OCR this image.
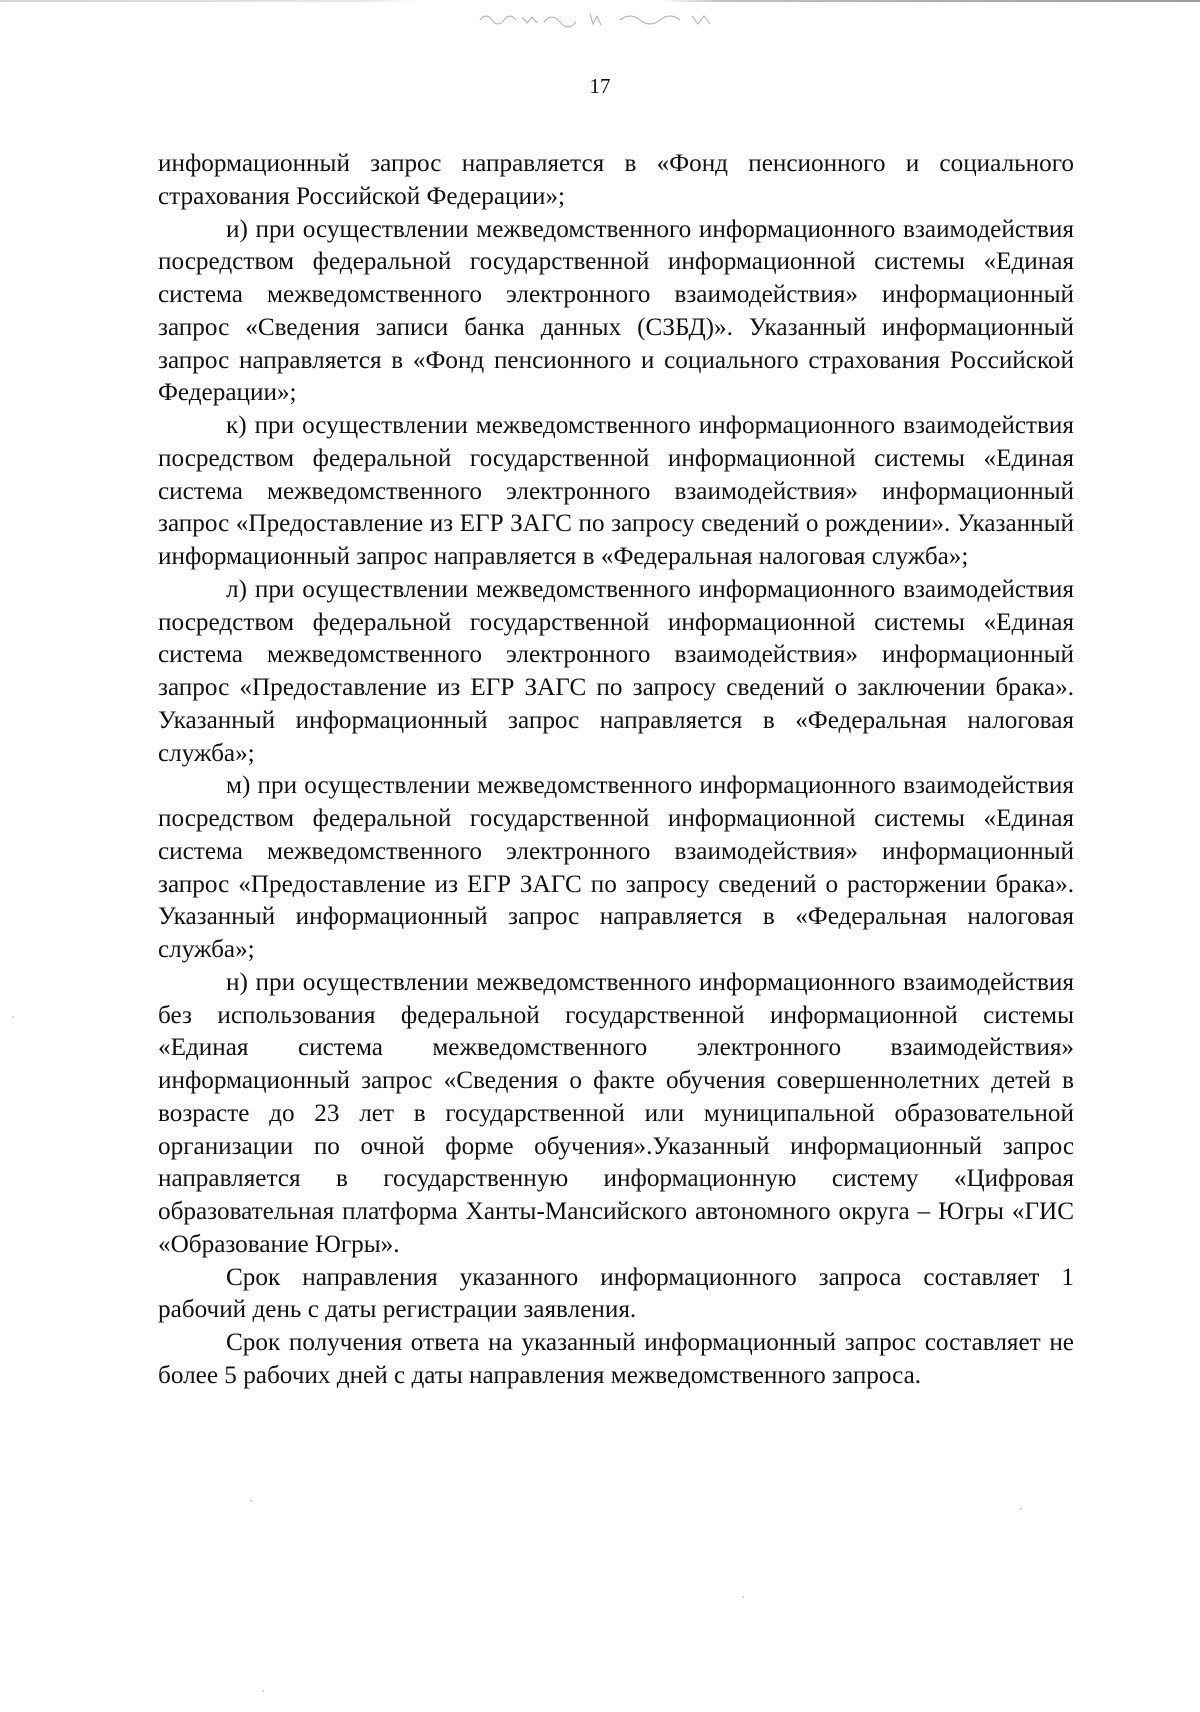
17

информационный запрос направляется в «Фонд пенсионного и социального страхования Российской Федерации»;

и) при осуществлении межведомственного информационного взаимодействия посредством федеральной государственной информационной системы «Единая система межведомственного электронного взаимодействия» информационный запрос «Сведения записи банка данных (СЗБД)». Указанный информационный запрос направляется в «Фонд пенсионного и социального страхования Российской Федерации»;

к) при осуществлении межведомственного информационного взаимодействия посредством федеральной государственной информационной системы «Единая система межведомственного электронного взаимодействия» информационный запрос «Предоставление из ЕГР ЗАГС по запросу сведений о рождении». Указанный информационный запрос направляется в «Федеральная налоговая служба»;

л) при осуществлении межведомственного информационного взаимодействия посредством федеральной государственной информационной системы «Единая система межведомственного электронного взаимодействия» информационный запрос «Предоставление из ЕГР ЗАГС по запросу сведений о заключении брака». Указанный информационный запрос направляется в «Федеральная налоговая служба»;

м) при осуществлении межведомственного информационного взаимодействия посредством федеральной государственной информационной системы «Единая система межведомственного электронного взаимодействия» информационный запрос «Предоставление из ЕГР ЗАГС по запросу сведений о расторжении брака». Указанный информационный запрос направляется в «Федеральная налоговая служба»;

н) при осуществлении межведомственного информационного взаимодействия без использования федеральной государственной информационной системы «Единая система межведомственного электронного взаимодействия» информационный запрос «Сведения о факте обучения совершеннолетних детей в возрасте до 23 лет в государственной или муниципальной образовательной организации по очной форме обучения».Указанный информационный запрос направляется в государственную информационную систему «Цифровая образовательная платформа Ханты-Мансийского автономного округа – Югры «ГИС «Образование Югры».

Срок направления указанного информационного запроса составляет 1 рабочий день с даты регистрации заявления.

Срок получения ответа на указанный информационный запрос составляет не более 5 рабочих дней с даты направления межведомственного запроса.
